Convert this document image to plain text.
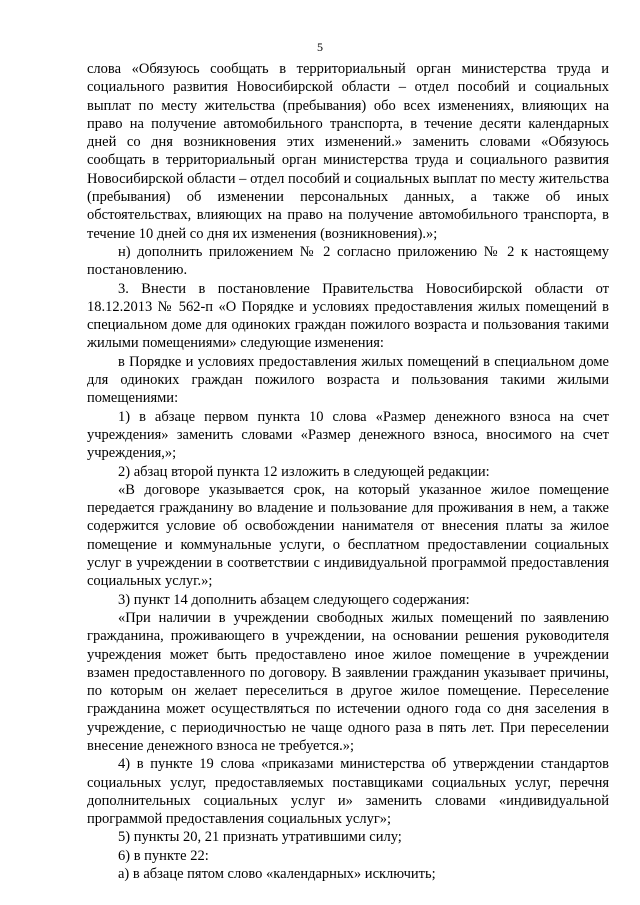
5

слова «Обязуюсь сообщать в территориальный орган министерства труда и социального развития Новосибирской области – отдел пособий и социальных выплат по месту жительства (пребывания) обо всех изменениях, влияющих на право на получение автомобильного транспорта, в течение десяти календарных дней со дня возникновения этих изменений.» заменить словами «Обязуюсь сообщать в территориальный орган министерства труда и социального развития Новосибирской области – отдел пособий и социальных выплат по месту жительства (пребывания) об изменении персональных данных, а также об иных обстоятельствах, влияющих на право на получение автомобильного транспорта, в течение 10 дней со дня их изменения (возникновения).»;

н) дополнить приложением № 2 согласно приложению № 2 к настоящему постановлению.

3. Внести в постановление Правительства Новосибирской области от 18.12.2013 № 562-п «О Порядке и условиях предоставления жилых помещений в специальном доме для одиноких граждан пожилого возраста и пользования такими жилыми помещениями» следующие изменения:

в Порядке и условиях предоставления жилых помещений в специальном доме для одиноких граждан пожилого возраста и пользования такими жилыми помещениями:

1) в абзаце первом пункта 10 слова «Размер денежного взноса на счет учреждения» заменить словами «Размер денежного взноса, вносимого на счет учреждения,»;

2) абзац второй пункта 12 изложить в следующей редакции:

«В договоре указывается срок, на который указанное жилое помещение передается гражданину во владение и пользование для проживания в нем, а также содержится условие об освобождении нанимателя от внесения платы за жилое помещение и коммунальные услуги, о бесплатном предоставлении социальных услуг в учреждении в соответствии с индивидуальной программой предоставления социальных услуг.»;

3) пункт 14 дополнить абзацем следующего содержания:

«При наличии в учреждении свободных жилых помещений по заявлению гражданина, проживающего в учреждении, на основании решения руководителя учреждения может быть предоставлено иное жилое помещение в учреждении взамен предоставленного по договору. В заявлении гражданин указывает причины, по которым он желает переселиться в другое жилое помещение. Переселение гражданина может осуществляться по истечении одного года со дня заселения в учреждение, с периодичностью не чаще одного раза в пять лет. При переселении внесение денежного взноса не требуется.»;

4) в пункте 19 слова «приказами министерства об утверждении стандартов социальных услуг, предоставляемых поставщиками социальных услуг, перечня дополнительных социальных услуг и» заменить словами «индивидуальной программой предоставления социальных услуг»;

5) пункты 20, 21 признать утратившими силу;

6) в пункте 22:

а) в абзаце пятом слово «календарных» исключить;
